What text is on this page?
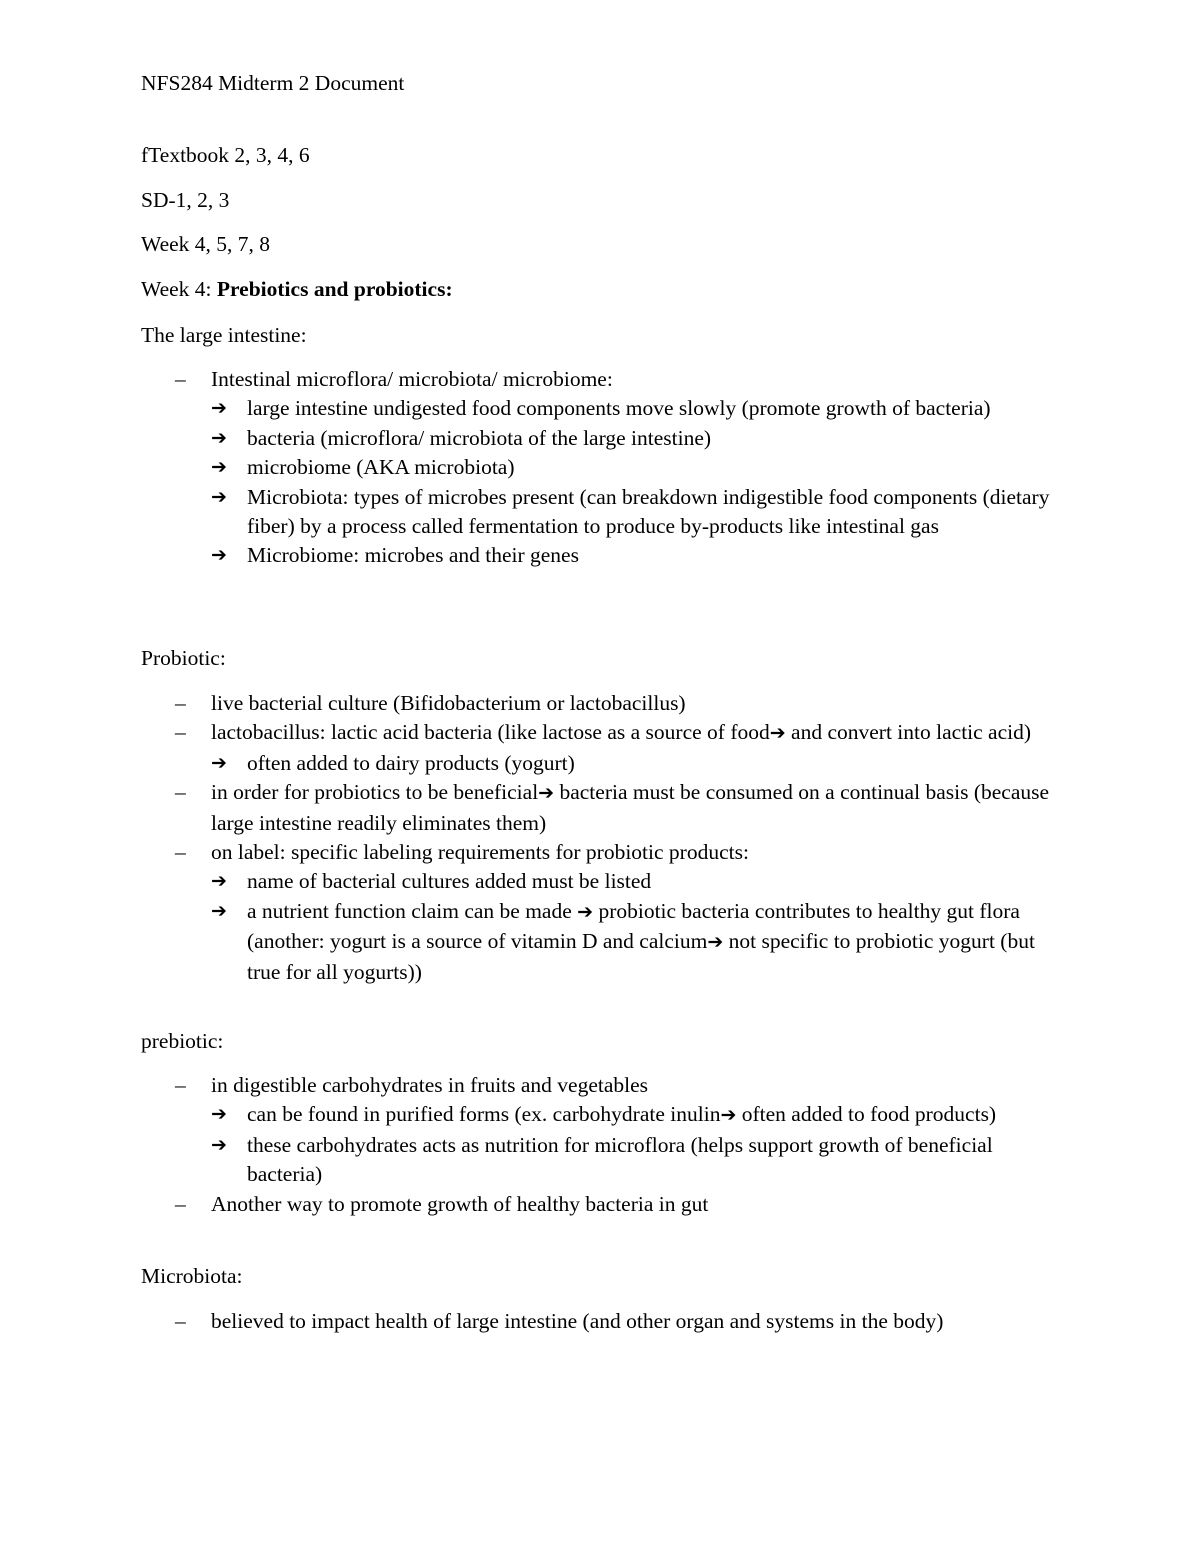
NFS284 Midterm 2 Document

fTextbook 2, 3, 4, 6

SD-1, 2, 3

Week 4, 5, 7, 8

Week 4: Prebiotics and probiotics:

The large intestine:

– Intestinal microflora/ microbiota/ microbiome:
➔ large intestine undigested food components move slowly (promote growth of bacteria)
➔ bacteria (microflora/ microbiota of the large intestine)
➔ microbiome (AKA microbiota)
➔ Microbiota: types of microbes present (can breakdown indigestible food components (dietary fiber) by a process called fermentation to produce by-products like intestinal gas
➔ Microbiome: microbes and their genes

Probiotic:

– live bacterial culture (Bifidobacterium or lactobacillus)
– lactobacillus: lactic acid bacteria (like lactose as a source of food➔ and convert into lactic acid)
➔ often added to dairy products (yogurt)
– in order for probiotics to be beneficial➔ bacteria must be consumed on a continual basis (because large intestine readily eliminates them)
– on label: specific labeling requirements for probiotic products:
➔ name of bacterial cultures added must be listed
➔ a nutrient function claim can be made ➔ probiotic bacteria contributes to healthy gut flora (another: yogurt is a source of vitamin D and calcium➔ not specific to probiotic yogurt (but true for all yogurts))

prebiotic:

– in digestible carbohydrates in fruits and vegetables
➔ can be found in purified forms (ex. carbohydrate inulin➔ often added to food products)
➔ these carbohydrates acts as nutrition for microflora (helps support growth of beneficial bacteria)
– Another way to promote growth of healthy bacteria in gut

Microbiota:

– believed to impact health of large intestine (and other organ and systems in the body)
